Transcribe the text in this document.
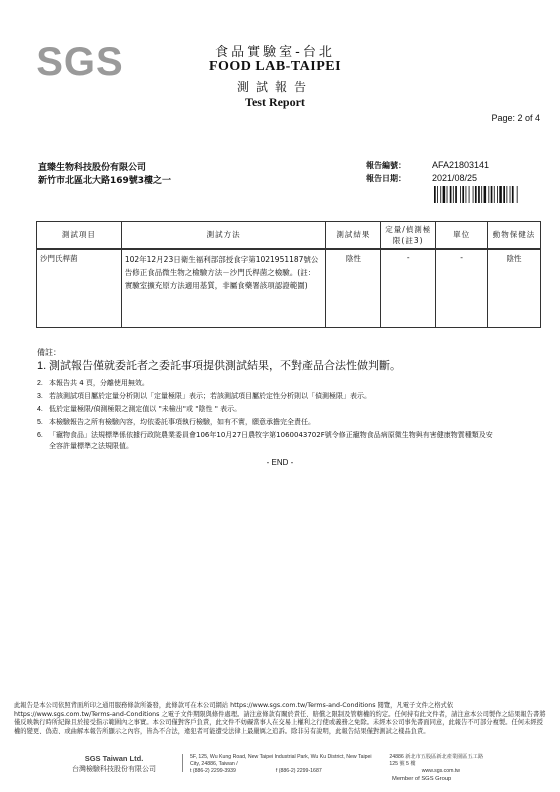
SGS	食品實驗室-台北
FOOD LAB-TAIPEI
測試報告
Test Report
Page: 2 of 4
直臻生物科技股份有限公司
新竹市北區北大路169號3樓之一
報告編號：	AFA21803141
報告日期：	2021/08/25
測試項目	測試方法	測試結果	定量/偵測極限(註3)	單位	動物保健法
沙門氏桿菌	102年12月23日衛生福利部部授食字第1021951187號公告修正食品微生物之檢驗方法－沙門氏桿菌之檢驗。(註：實驗室擴充原方法適用基質，非屬食藥署該項認證範圍)	陰性	-	-	陰性
備註：
1. 測試報告僅就委託者之委託事項提供測試結果，不對產品合法性做判斷。
2. 本報告共 4 頁，分離使用無效。
3. 若該測試項目屬於定量分析則以「定量極限」表示；若該測試項目屬於定性分析則以「偵測極限」表示。
4. 低於定量極限/偵測極限之測定值以 "未檢出"或 "陰性 " 表示。
5. 本檢驗報告之所有檢驗內容，均依委託事項執行檢驗，如有不實，願意承擔完全責任。
6. 「寵物食品」法規標準係依據行政院農業委員會106年10月27日農牧字第1060043702F號令修正寵物食品病原微生物與有害健康物質種類及安全容許量標準之法規限值。
- END -
此報告是本公司依照背面所印之通用服務條款所簽發，此條款可在本公司網站 https://www.sgs.com.tw/Terms-and-Conditions 閱覽，凡電子文件之格式依 https://www.sgs.com.tw/Terms-and-Conditions 之電子文件期限與條件處理。請注意條款有關於責任、賠償之限制及管轄權的約定。任何持有此文件者，請注意本公司製作之結果報告書將僅反映執行時所紀錄且於接受指示範圍內之事實。本公司僅對客戶負責，此文件不妨礙當事人在交易上權利之行使或義務之免除。未經本公司事先書面同意，此報告不可部分複製。任何未經授權的變更、偽造、或曲解本報告所顯示之內容，皆為不合法，違犯者可能遭受法律上最嚴厲之追訴。除非另有說明，此報告結果僅對測試之樣品負責。
SGS Taiwan Ltd.
台灣檢驗科技股份有限公司
5F, 125, Wu Kung Road, New Taipei Industrial Park, Wu Ku District, New Taipei City, 24886, Taiwan /
24886 新北市五股區新北產業園區五工路 125 號 5 樓
t (886-2) 2299-3939	f (886-2) 2299-1687	www.sgs.com.tw
Member of SGS Group
